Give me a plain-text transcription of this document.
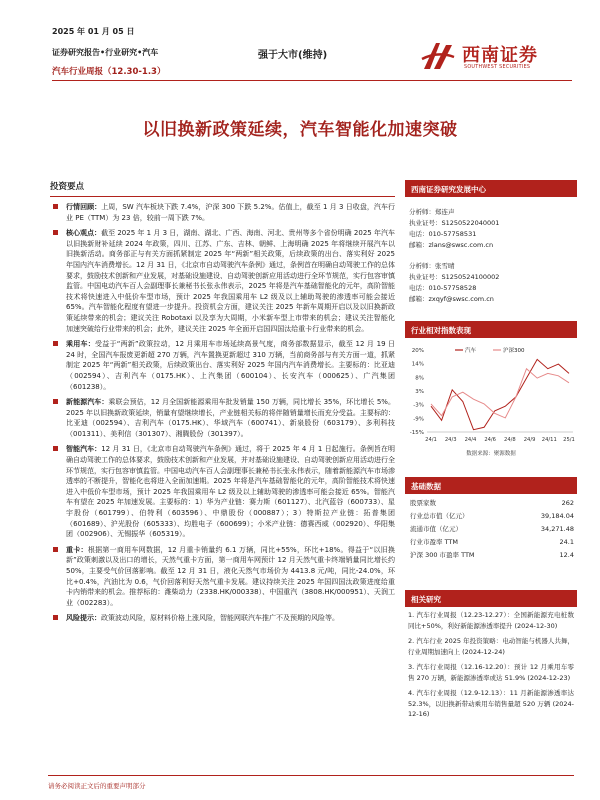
2025 年 01 月 05 日
证券研究报告•行业研究•汽车
汽车行业周报（12.30-1.3）
强于大市(维持)	西南证券
SOUTHWEST SECURITIES
以旧换新政策延续，汽车智能化加速突破
投资要点
行情回顾：上周，SW 汽车板块下跌 7.4%，沪深 300 下跌 5.2%。估值上，截至 1 月 3 日收盘，汽车行业 PE（TTM）为 23 倍，较前一周下跌 7%。
核心观点：截至 2025 年 1 月 3 日，湖南、湖北、广西、海南、河北、贵州等多个省份明确 2025 年汽车以旧换新财补延续 2024 年政策，四川、江苏、广东、吉林、朝鲜、上海明确 2025 年将继续开展汽车以旧换新活动。商务部正与有关方面抓紧制定 2025 年“两新”相关政策，后续政策的出台、落实利好 2025 年国内汽车消费增长。12 月 31 日，《北京市自动驾驶汽车条例》通过，条例首在明确自动驾驶工作的总体要求，鼓励技术创新和产业发展，对基础设施建设、自动驾驶创新应用活动进行全环节规范，实行包容审慎监管。中国电动汽车百人会副理事长兼秘书长张永伟表示，2025 年将是汽车基础智能化的元年，高阶智能技术将快速进入中低价车型市场，预计 2025 年我国乘用车 L2 级及以上辅助驾驶的渗透率可能会接近 65%。汽车智能化程度有望进一步提升。投资机会方面，建议关注 2025 年新车周期开启以及以旧换新政策延续带来的机会；建议关注 Robotaxi 以及享为大周期，小米新车型上市带来的机会；建议关注智能化加速突破给行业带来的机会；此外，建议关注 2025 年全面开启国四国汰给重卡行业带来的机会。
乘用车：受益于“两新”政策拉动，12 月乘用车市场延续高景气度，商务部数据显示，截至 12 月 19 日 24 时，全国汽车报废更新超 270 万辆，汽车置换更新超过 310 万辆，当前商务部与有关方面一道，抓紧制定 2025 年“两新”相关政策，后续政策出台、落实利好 2025 年国内汽车消费增长。主要标的：比亚迪（002594）、吉利汽车（0175.HK）、上汽集团（600104）、长安汽车（000625）、广汽集团（601238）。
新能源汽车：乘联会预估，12 月全国新能源乘用车批发销量 150 万辆，同比增长 35%，环比增长 5%。2025 年以旧换新政策延续，销量有望继续增长，产业链相关标的将伴随销量增长而充分受益。主要标的：比亚迪（002594）、吉利汽车（0175.HK）、华域汽车（600741）、新泉股份（603179）、多利科技（001311）、美利信（301307）、湘腾股份（301397）。
智能汽车：12 月 31 日，《北京市自动驾驶汽车条例》通过，将于 2025 年 4 月 1 日起施行。条例旨在明确自动驾驶工作的总体要求，鼓励技术创新和产业发展，并对基础设施建设、自动驾驶创新应用活动进行全环节规范，实行包容审慎监管。中国电动汽车百人会副理事长兼秘书长张永伟表示，随着新能源汽车市场渗透率的不断提升，智能化也将进入全面加速期。2025 年将是汽车基础智能化的元年，高阶智能技术将快速进入中低价车型市场，预计 2025 年我国乘用车 L2 级及以上辅助驾驶的渗透率可能会接近 65%。智能汽车有望在 2025 年加速发展。主要标的：1）华为产业链：赛力斯（601127）、北汽蓝谷（600733）、星宇股份（601799）、伯特利（603596）、中鼎股份（000887）；3）特斯拉产业链：拓普集团（601689）、沪光股份（605333）、均胜电子（600699）；小米产业链：德赛西威（002920）、华阳集团（002906）、无锡振华（605319）。
重卡：根据第一商用车网数据，12 月重卡销量约 6.1 万辆，同比+55%，环比+18%。得益于“以旧换新”政策刺激以及出口的增长，天然气重卡方面，第一商用车网预计 12 月天然气重卡终端销量同比增长约 50%，主要受气价回落影响。截至 12 月 31 日，液化天然气市场价为 4413.8 元/吨，同比-24.0%，环比+0.4%，汽油比为 0.6，气价回落利好天然气重卡发展。建议持续关注 2025 年国四国汰政策进度给重卡内销带来的机会。推荐标的：潍柴动力（2338.HK/000338）、中国重汽（3808.HK/000951）、天润工业（002283）。
风险提示：政策波动风险，原材料价格上涨风险，智能网联汽车推广不及预期的风险等。
西南证券研究发展中心
分析师：郑连声
执业证号：S1250522040001
电话：010-57758531
邮箱：zlans@swsc.com.cn
分析师：张雪晴
执业证号：S1250524100002
电话：010-57758528
邮箱：zxqyf@swsc.com.cn
行业相对指数表现
20%
14%
8%
3%
-3%
-9%
-15%
24/1 24/3 24/4 24/6 24/8 24/9 24/11 25/1
汽车	沪深300
数据来源：聚源数据
基础数据
股票家数	262
行业总市值（亿元）	39,184.04
流通市值（亿元）	34,271.48
行业市盈率 TTM	24.1
沪深 300 市盈率 TTM	12.4
相关研究
1. 汽车行业周报（12.23-12.27）：全国新能源充电桩数同比+50%，利好新能源渗透率提升 (2024-12-30)
2. 汽车行业 2025 年投资策略：电动智能与机器人共舞，行业周期加速向上 (2024-12-24)
3. 汽车行业周报（12.16-12.20）：预计 12 月乘用车零售 270 万辆，新能源渗透率或达 51.9% (2024-12-23)
4. 汽车行业周报（12.9-12.13）：11 月新能源渗透率达 52.3%，以旧换新带动乘用车销售量超 520 万辆 (2024-12-16)
请务必阅读正文后的重要声明部分
